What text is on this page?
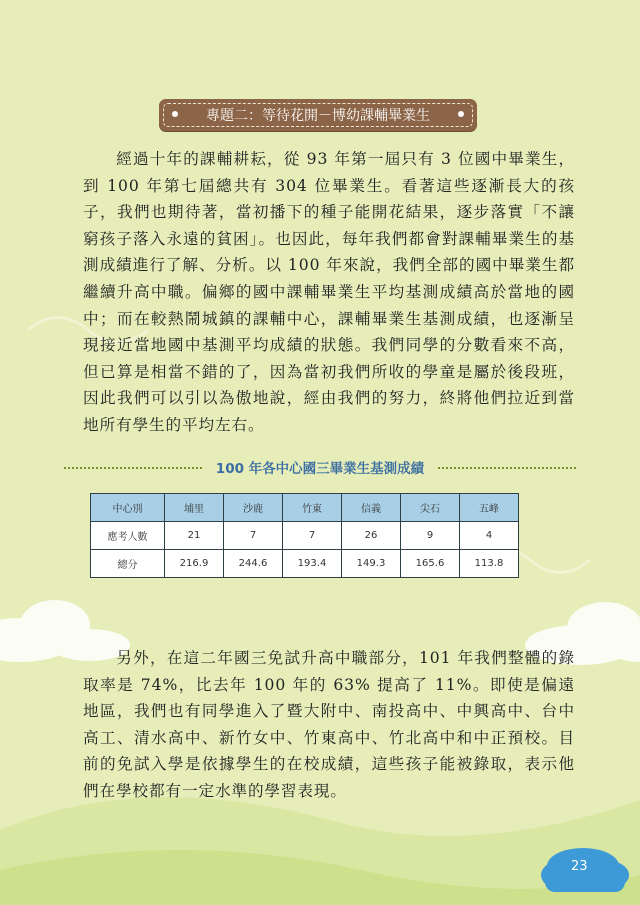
專題二：等待花開－博幼課輔畢業生

經過十年的課輔耕耘，從 93 年第一屆只有 3 位國中畢業生，到 100 年第七屆總共有 304 位畢業生。看著這些逐漸長大的孩子，我們也期待著，當初播下的種子能開花結果，逐步落實「不讓窮孩子落入永遠的貧困」。也因此，每年我們都會對課輔畢業生的基測成績進行了解、分析。以 100 年來說，我們全部的國中畢業生都繼續升高中職。偏鄉的國中課輔畢業生平均基測成績高於當地的國中；而在較熱鬧城鎮的課輔中心，課輔畢業生基測成績，也逐漸呈現接近當地國中基測平均成績的狀態。我們同學的分數看來不高，但已算是相當不錯的了，因為當初我們所收的學童是屬於後段班，因此我們可以引以為傲地說，經由我們的努力，終將他們拉近到當地所有學生的平均左右。

100 年各中心國三畢業生基測成績
中心別	埔里	沙鹿	竹東	信義	尖石	五峰
應考人數	21	7	7	26	9	4
總分	216.9	244.6	193.4	149.3	165.6	113.8

另外，在這二年國三免試升高中職部分，101 年我們整體的錄取率是 74%，比去年 100 年的 63% 提高了 11%。即使是偏遠地區，我們也有同學進入了暨大附中、南投高中、中興高中、台中高工、清水高中、新竹女中、竹東高中、竹北高中和中正預校。目前的免試入學是依據學生的在校成績，這些孩子能被錄取，表示他們在學校都有一定水準的學習表現。

23
